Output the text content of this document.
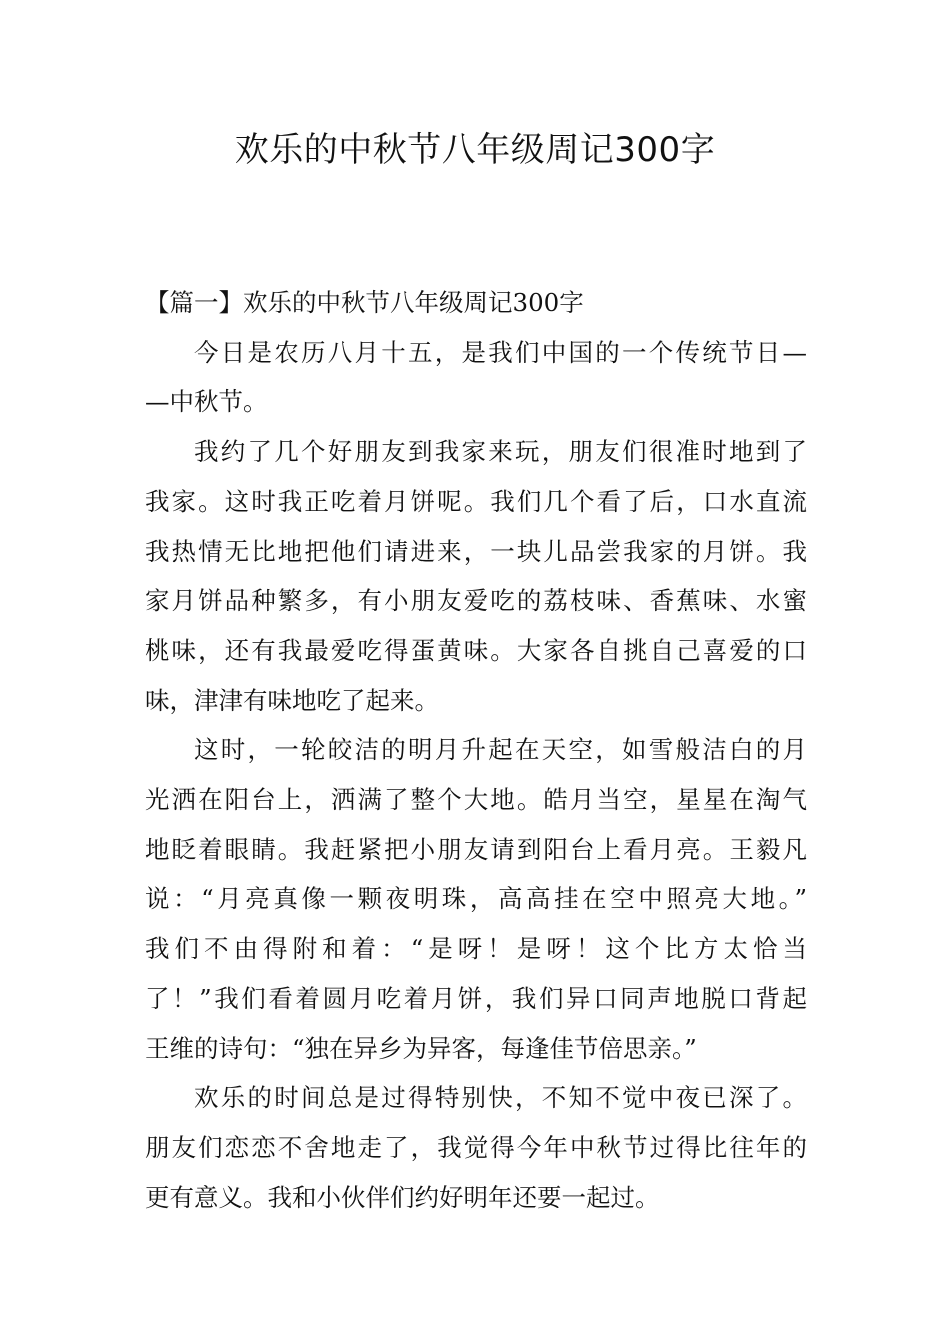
欢乐的中秋节八年级周记300字

【篇一】欢乐的中秋节八年级周记300字

今日是农历八月十五，是我们中国的一个传统节日—
—中秋节。
我约了几个好朋友到我家来玩，朋友们很准时地到了
我家。这时我正吃着月饼呢。我们几个看了后，口水直流
我热情无比地把他们请进来，一块儿品尝我家的月饼。我
家月饼品种繁多，有小朋友爱吃的荔枝味、香蕉味、水蜜
桃味，还有我最爱吃得蛋黄味。大家各自挑自己喜爱的口
味，津津有味地吃了起来。
这时，一轮皎洁的明月升起在天空，如雪般洁白的月
光洒在阳台上，洒满了整个大地。皓月当空，星星在淘气
地眨着眼睛。我赶紧把小朋友请到阳台上看月亮。王毅凡
说：“月亮真像一颗夜明珠，高高挂在空中照亮大地。”
我们不由得附和着：“是呀！是呀！这个比方太恰当
了！”我们看着圆月吃着月饼，我们异口同声地脱口背起
王维的诗句：“独在异乡为异客，每逢佳节倍思亲。”
欢乐的时间总是过得特别快，不知不觉中夜已深了。
朋友们恋恋不舍地走了，我觉得今年中秋节过得比往年的
更有意义。我和小伙伴们约好明年还要一起过。
